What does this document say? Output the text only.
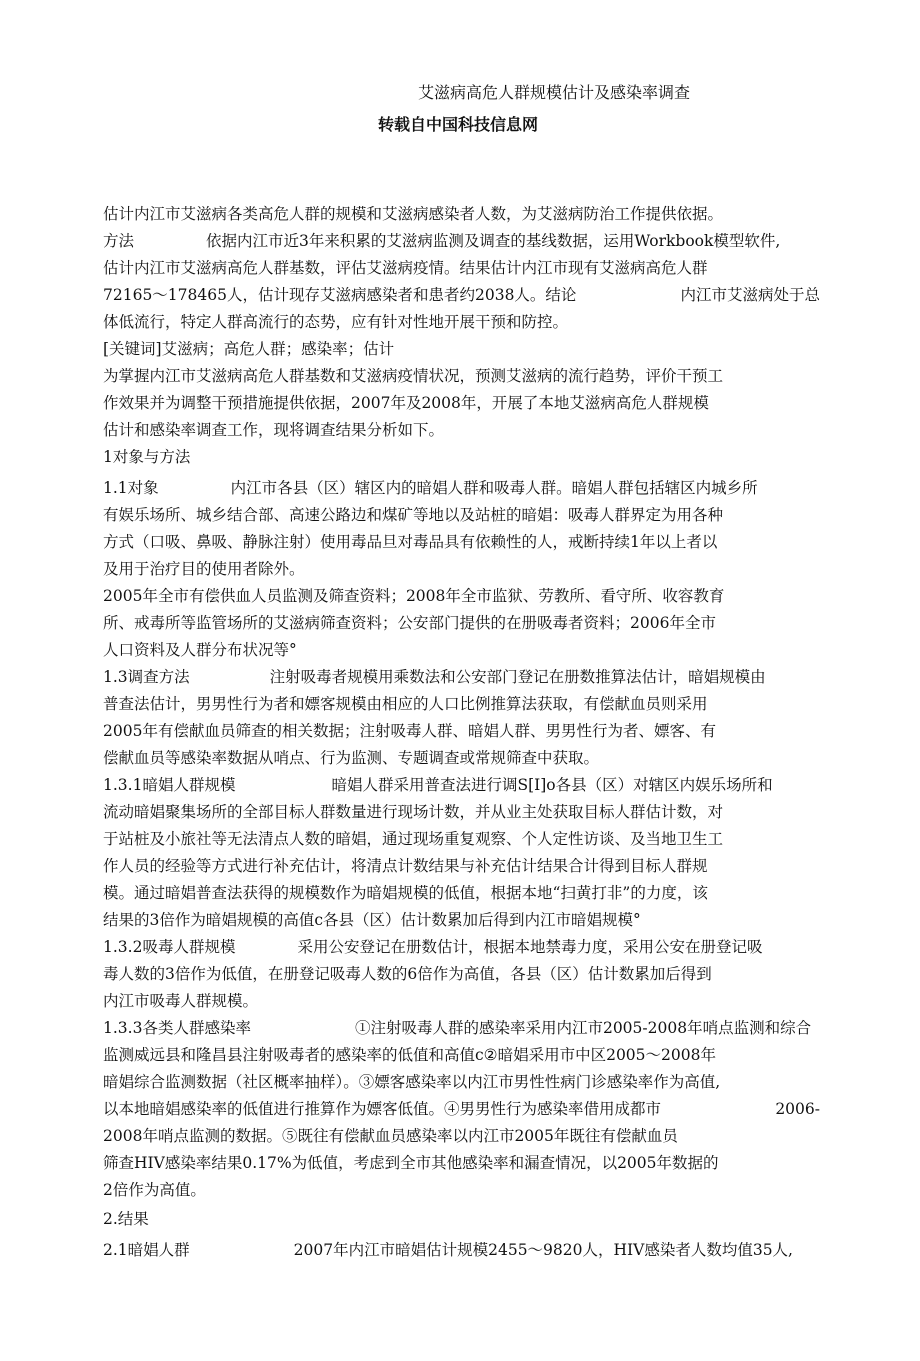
艾滋病高危人群规模估计及感染率调查
转载自中国科技信息网
估计内江市艾滋病各类高危人群的规模和艾滋病感染者人数，为艾滋病防治工作提供依据。
方法	依据内江市近3年来积累的艾滋病监测及调查的基线数据，运用Workbook模型软件,
估计内江市艾滋病高危人群基数，评估艾滋病疫情。结果估计内江市现有艾滋病高危人群
72165〜178465人，估计现存艾滋病感染者和患者约2038人。结论	内江市艾滋病处于总
体低流行，特定人群高流行的态势，应有针对性地开展干预和防控。
[关键词]艾滋病；高危人群；感染率；估计
为掌握内江市艾滋病高危人群基数和艾滋病疫情状况，预测艾滋病的流行趋势，评价干预工
作效果并为调整干预措施提供依据，2007年及2008年，开展了本地艾滋病高危人群规模
估计和感染率调查工作，现将调查结果分析如下。
1对象与方法
1.1对象	内江市各县（区）辖区内的暗娼人群和吸毒人群。暗娼人群包括辖区内城乡所
有娱乐场所、城乡结合部、高速公路边和煤矿等地以及站桩的暗娼：吸毒人群界定为用各种
方式（口吸、鼻吸、静脉注射）使用毒品旦对毒品具有依赖性的人，戒断持续1年以上者以
及用于治疗目的使用者除外。
2005年全市有偿供血人员监测及筛查资料；2008年全市监狱、劳教所、看守所、收容教育
所、戒毒所等监管场所的艾滋病筛查资料；公安部门提供的在册吸毒者资料；2006年全市
人口资料及人群分布状况等°
1.3调查方法	注射吸毒者规模用乘数法和公安部门登记在册数推算法估计，暗娼规模由
普查法估计，男男性行为者和嫖客规模由相应的人口比例推算法获取，有偿献血员则采用
2005年有偿献血员筛查的相关数据；注射吸毒人群、暗娼人群、男男性行为者、嫖客、有
偿献血员等感染率数据从哨点、行为监测、专题调查或常规筛查中获取。
1.3.1暗娼人群规模	暗娼人群采用普查法进行调S[I]o各县（区）对辖区内娱乐场所和
流动暗娼聚集场所的全部目标人群数量进行现场计数，并从业主处获取目标人群估计数，对
于站桩及小旅社等无法清点人数的暗娼，通过现场重复观察、个人定性访谈、及当地卫生工
作人员的经验等方式进行补充估计，将清点计数结果与补充估计结果合计得到目标人群规
模。通过暗娼普查法获得的规模数作为暗娼规模的低值，根据本地“扫黄打非”的力度，该
结果的3倍作为暗娼规模的高值c各县（区）估计数累加后得到内江市暗娼规模°
1.3.2吸毒人群规模	采用公安登记在册数估计，根据本地禁毒力度，采用公安在册登记吸
毒人数的3倍作为低值，在册登记吸毒人数的6倍作为高值，各县（区）估计数累加后得到
内江市吸毒人群规模。
1.3.3各类人群感染率	①注射吸毒人群的感染率采用内江市2005-2008年哨点监测和综合
监测威远县和隆昌县注射吸毒者的感染率的低值和高值c②暗娼采用市中区2005〜2008年
暗娼综合监测数据（社区概率抽样）。③嫖客感染率以内江市男性性病门诊感染率作为高值,
以本地暗娼感染率的低值进行推算作为嫖客低值。④男男性行为感染率借用成都市	2006-
2008年哨点监测的数据。⑤既往有偿献血员感染率以内江市2005年既往有偿献血员
筛查HIV感染率结果0.17%为低值，考虑到全市其他感染率和漏查情况，以2005年数据的
2倍作为高值。
2.结果
2.1暗娼人群	2007年内江市暗娼估计规模2455〜9820人，HIV感染者人数均值35人,
